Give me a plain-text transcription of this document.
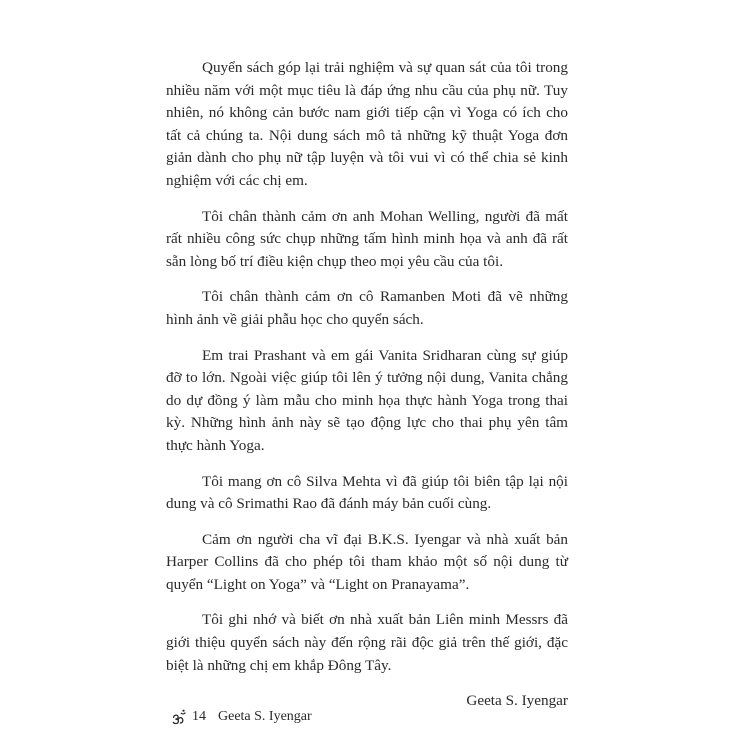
Quyển sách góp lại trải nghiệm và sự quan sát của tôi trong nhiều năm với một mục tiêu là đáp ứng nhu cầu của phụ nữ. Tuy nhiên, nó không cản bước nam giới tiếp cận vì Yoga có ích cho tất cả chúng ta. Nội dung sách mô tả những kỹ thuật Yoga đơn giản dành cho phụ nữ tập luyện và tôi vui vì có thể chia sẻ kinh nghiệm với các chị em.

Tôi chân thành cảm ơn anh Mohan Welling, người đã mất rất nhiều công sức chụp những tấm hình minh họa và anh đã rất sẵn lòng bố trí điều kiện chụp theo mọi yêu cầu của tôi.

Tôi chân thành cảm ơn cô Ramanben Moti đã vẽ những hình ảnh về giải phẫu học cho quyển sách.

Em trai Prashant và em gái Vanita Sridharan cùng sự giúp đỡ to lớn. Ngoài việc giúp tôi lên ý tưởng nội dung, Vanita chẳng do dự đồng ý làm mẫu cho minh họa thực hành Yoga trong thai kỳ. Những hình ảnh này sẽ tạo động lực cho thai phụ yên tâm thực hành Yoga.

Tôi mang ơn cô Silva Mehta vì đã giúp tôi biên tập lại nội dung và cô Srimathi Rao đã đánh máy bản cuối cùng.

Cảm ơn người cha vĩ đại B.K.S. Iyengar và nhà xuất bản Harper Collins đã cho phép tôi tham khảo một số nội dung từ quyển “Light on Yoga” và “Light on Pranayama”.

Tôi ghi nhớ và biết ơn nhà xuất bản Liên minh Messrs đã giới thiệu quyển sách này đến rộng rãi độc giả trên thế giới, đặc biệt là những chị em khắp Đông Tây.

Geeta S. Iyengar

14 Geeta S. Iyengar
